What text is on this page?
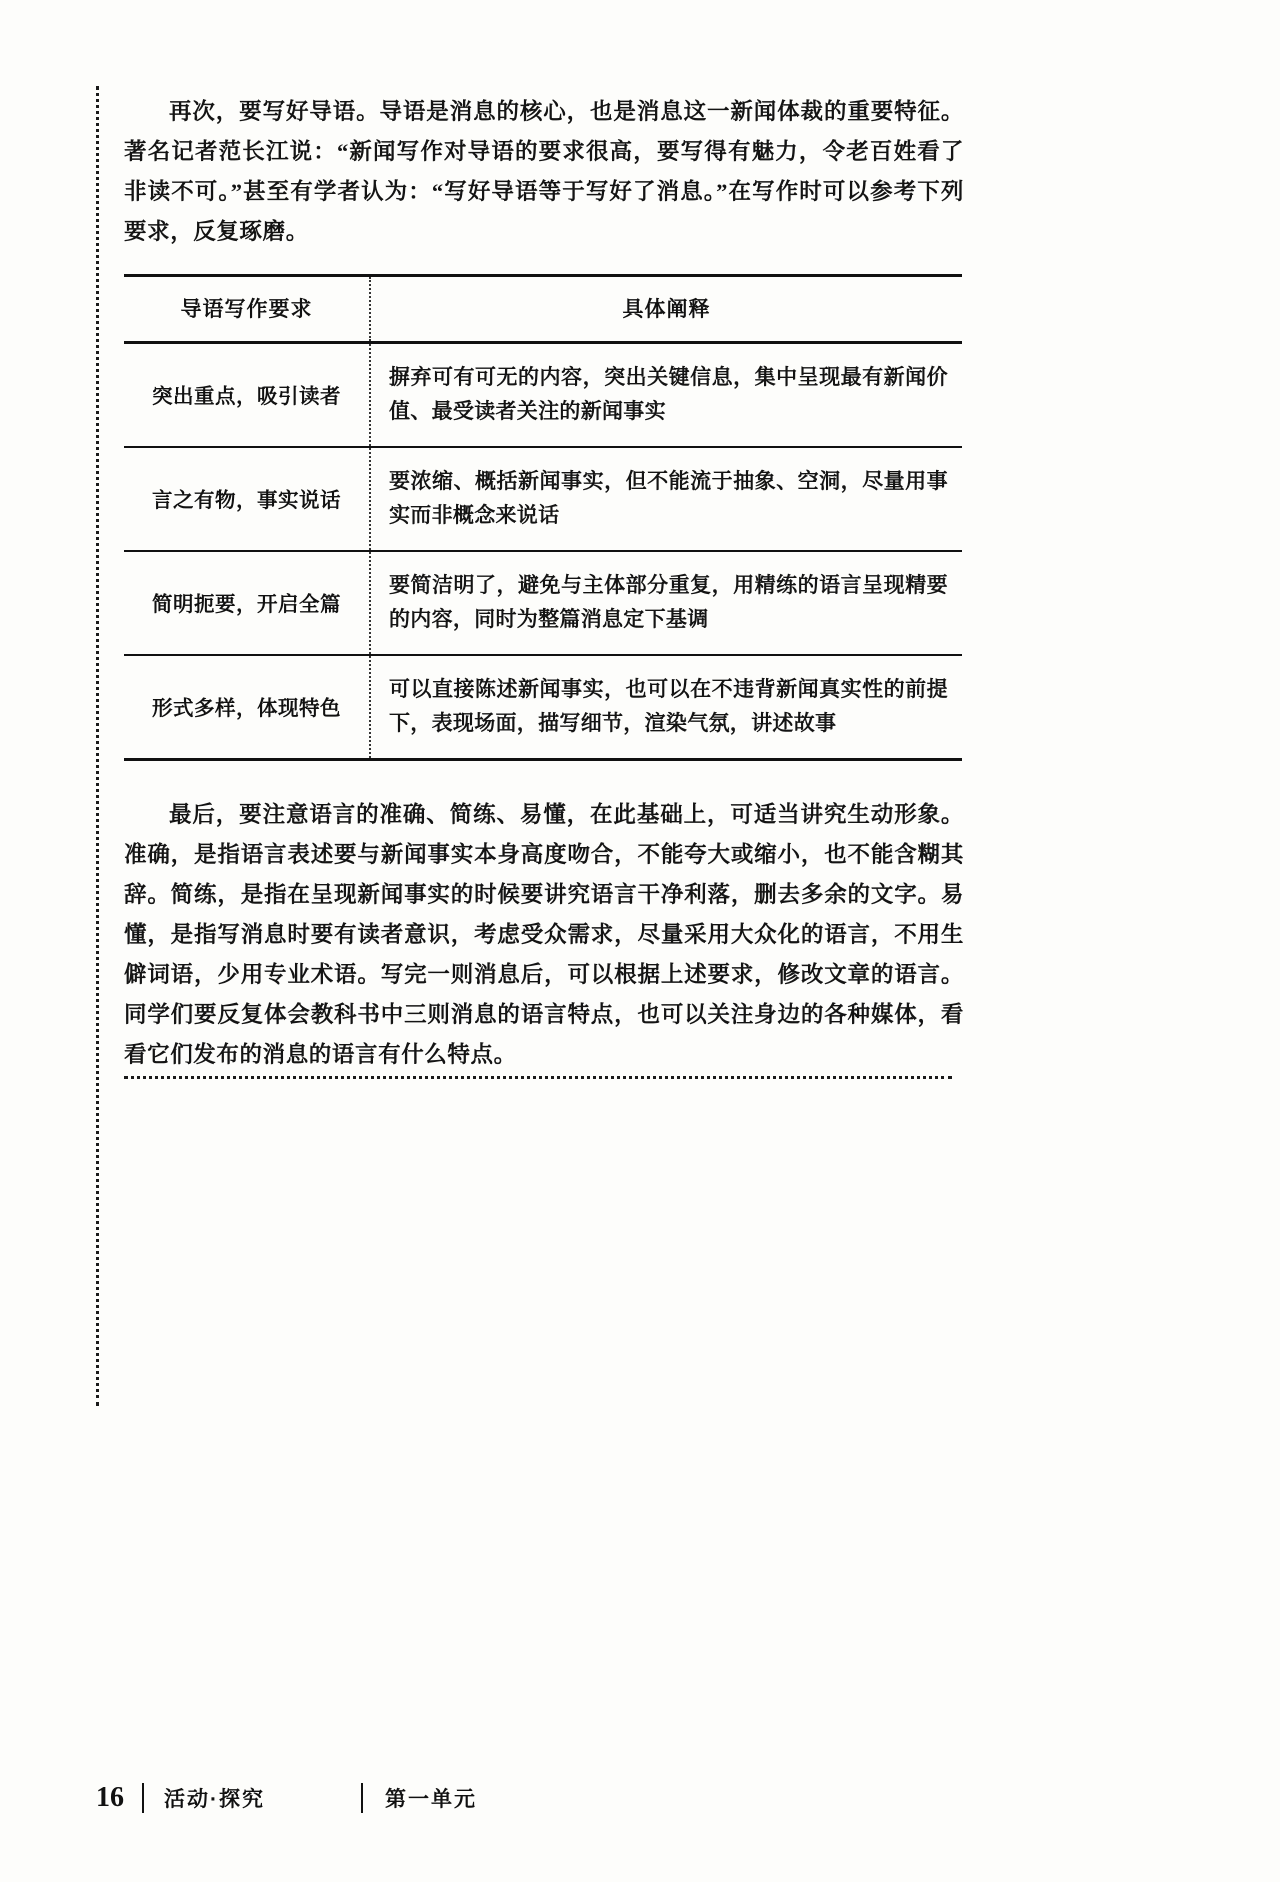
再次，要写好导语。导语是消息的核心，也是消息这一新闻体裁的重要特征。著名记者范长江说：“新闻写作对导语的要求很高，要写得有魅力，令老百姓看了非读不可。”甚至有学者认为：“写好导语等于写好了消息。”在写作时可以参考下列要求，反复琢磨。

导语写作要求	具体阐释
突出重点，吸引读者	摒弃可有可无的内容，突出关键信息，集中呈现最有新闻价值、最受读者关注的新闻事实
言之有物，事实说话	要浓缩、概括新闻事实，但不能流于抽象、空洞，尽量用事实而非概念来说话
简明扼要，开启全篇	要简洁明了，避免与主体部分重复，用精练的语言呈现精要的内容，同时为整篇消息定下基调
形式多样，体现特色	可以直接陈述新闻事实，也可以在不违背新闻真实性的前提下，表现场面，描写细节，渲染气氛，讲述故事

最后，要注意语言的准确、简练、易懂，在此基础上，可适当讲究生动形象。准确，是指语言表述要与新闻事实本身高度吻合，不能夸大或缩小，也不能含糊其辞。简练，是指在呈现新闻事实的时候要讲究语言干净利落，删去多余的文字。易懂，是指写消息时要有读者意识，考虑受众需求，尽量采用大众化的语言，不用生僻词语，少用专业术语。写完一则消息后，可以根据上述要求，修改文章的语言。同学们要反复体会教科书中三则消息的语言特点，也可以关注身边的各种媒体，看看它们发布的消息的语言有什么特点。

16 活动·探究	第一单元
